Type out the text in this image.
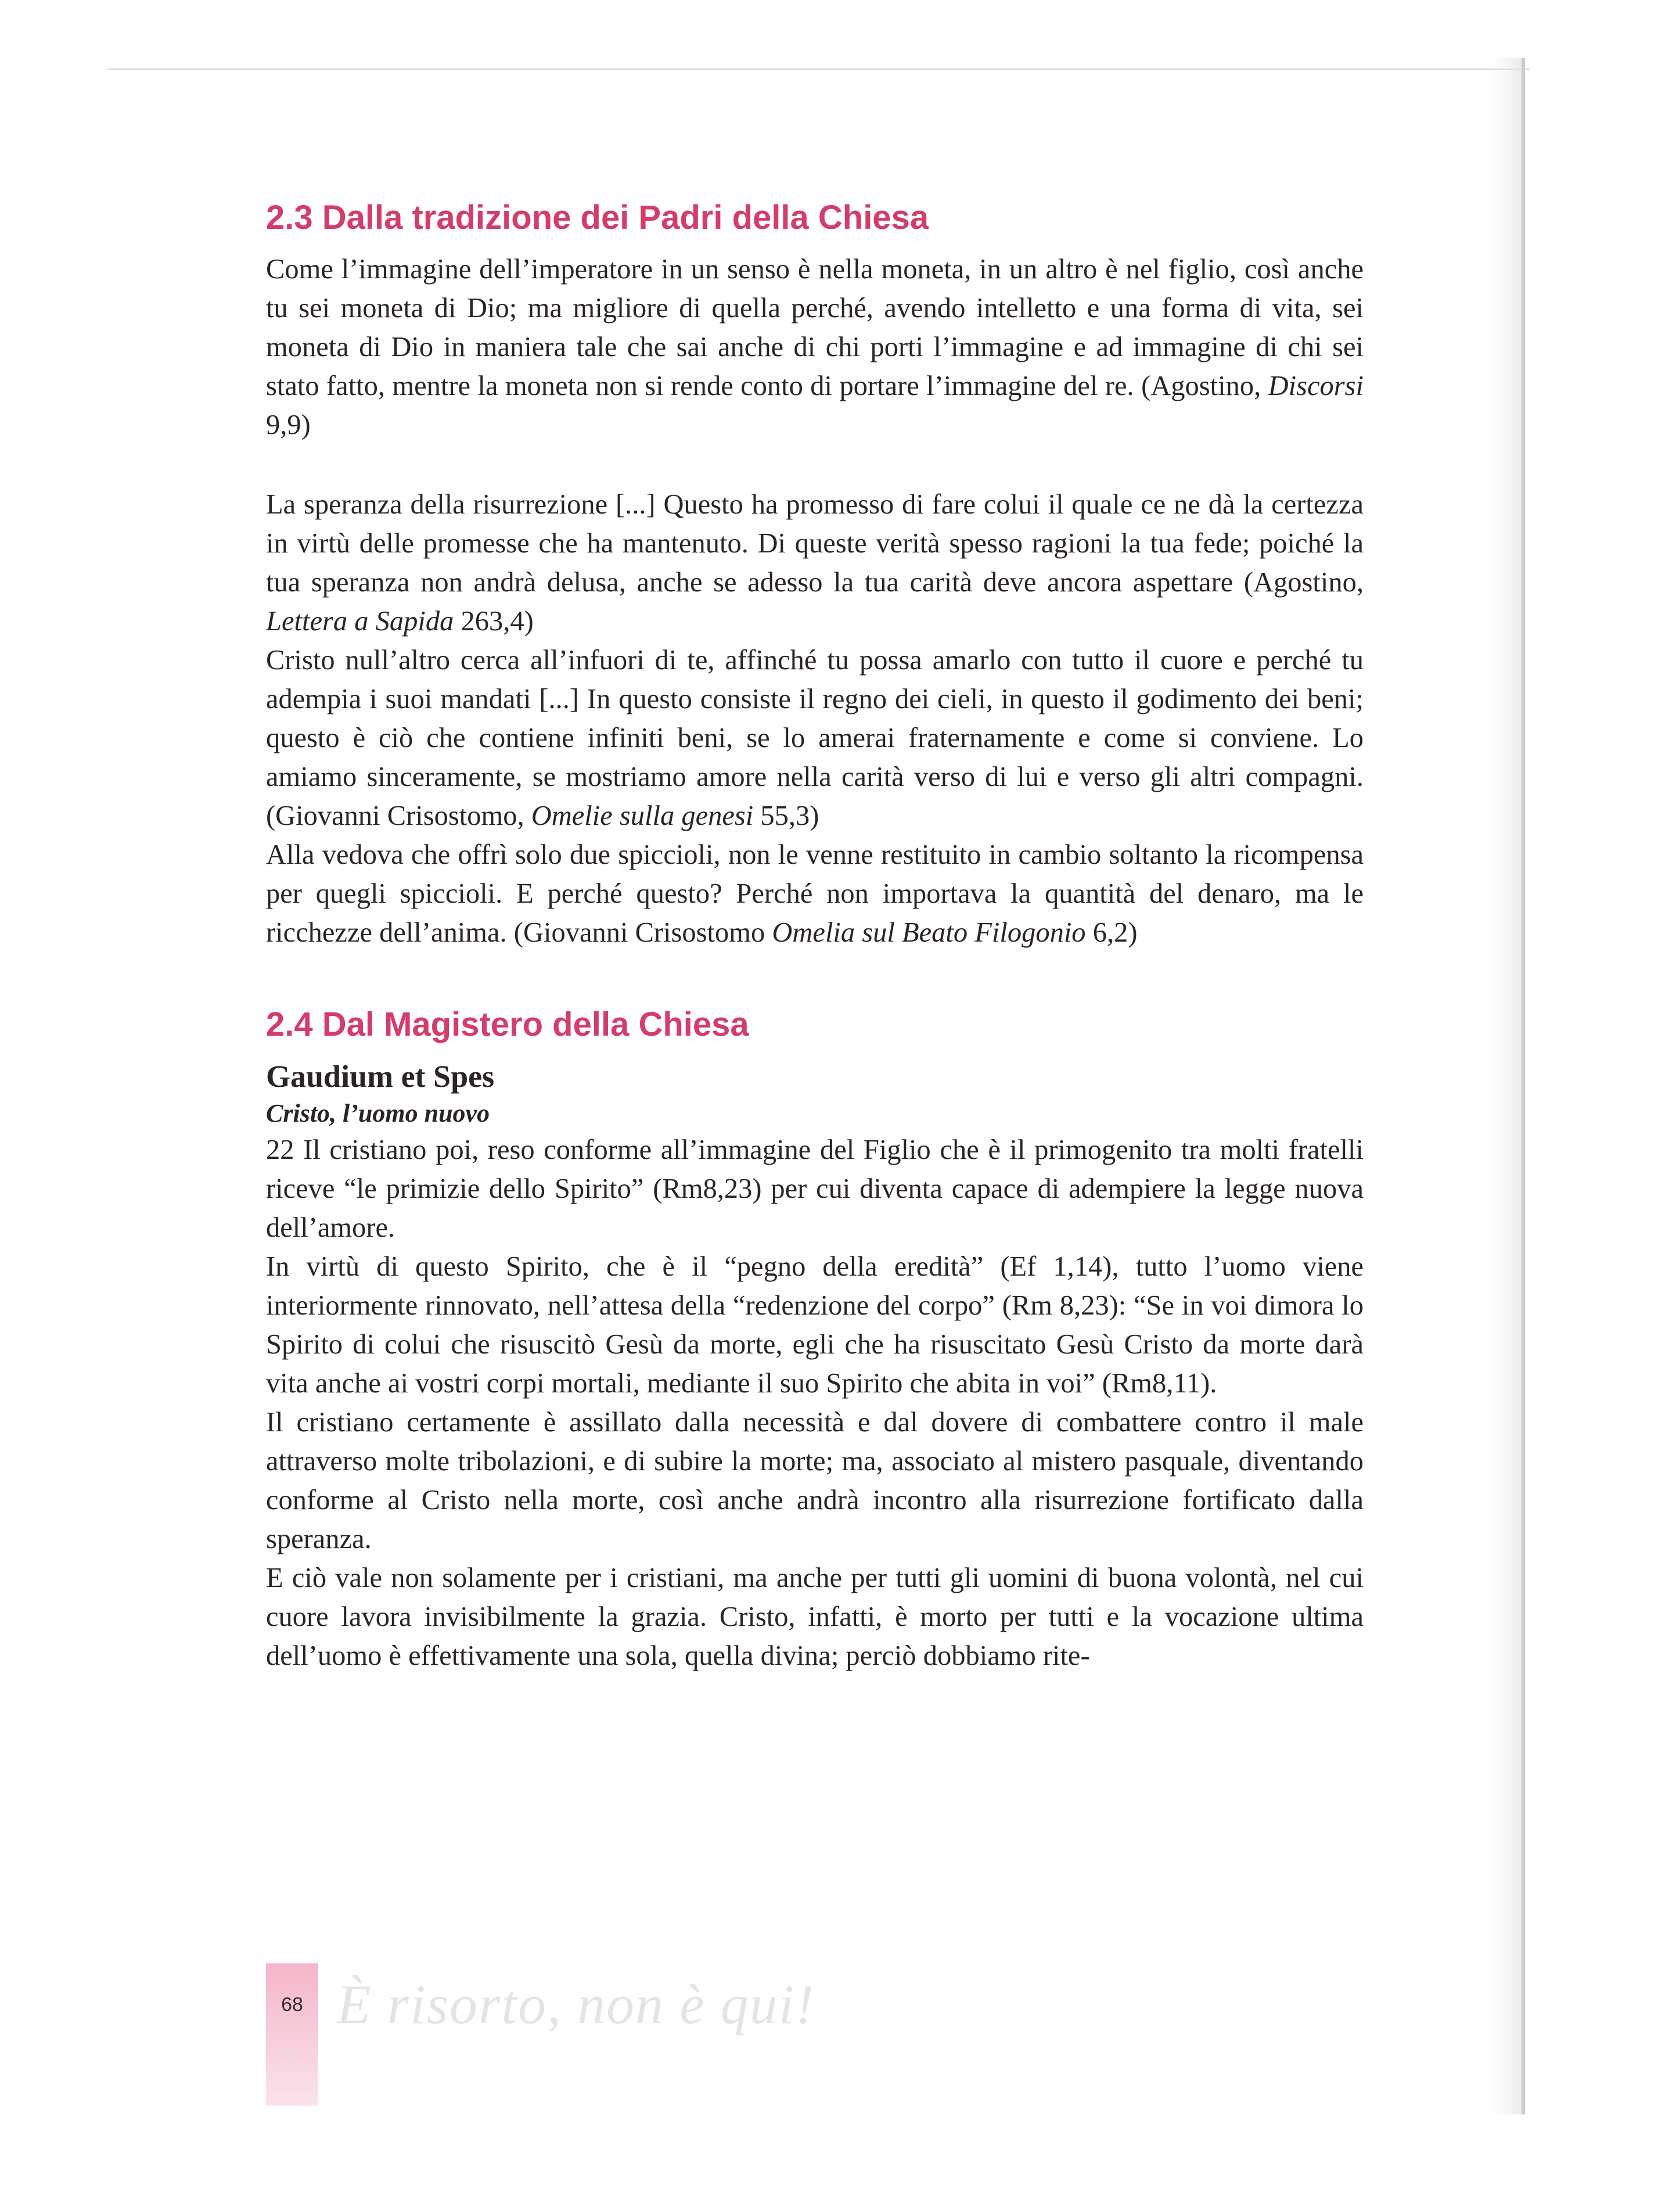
2.3 Dalla tradizione dei Padri della Chiesa

Come l’immagine dell’imperatore in un senso è nella moneta, in un altro è nel figlio, così anche tu sei moneta di Dio; ma migliore di quella perché, avendo intelletto e una forma di vita, sei moneta di Dio in maniera tale che sai anche di chi porti l’immagine e ad immagine di chi sei stato fatto, mentre la moneta non si rende conto di portare l’immagine del re. (Agostino, Discorsi 9,9)

La speranza della risurrezione [...] Questo ha promesso di fare colui il quale ce ne dà la certezza in virtù delle promesse che ha mantenuto. Di queste verità spesso ragioni la tua fede; poiché la tua speranza non andrà delusa, anche se adesso la tua carità deve ancora aspettare (Agostino, Lettera a Sapida 263,4)

Cristo null’altro cerca all’infuori di te, affinché tu possa amarlo con tutto il cuore e perché tu adempia i suoi mandati [...] In questo consiste il regno dei cieli, in questo il godimento dei beni; questo è ciò che contiene infiniti beni, se lo amerai fraternamente e come si conviene. Lo amiamo sinceramente, se mostriamo amore nella carità verso di lui e verso gli altri compagni. (Giovanni Crisostomo, Omelie sulla genesi 55,3)

Alla vedova che offrì solo due spiccioli, non le venne restituito in cambio soltanto la ricompensa per quegli spiccioli. E perché questo? Perché non importava la quantità del denaro, ma le ricchezze dell’anima. (Giovanni Crisostomo Omelia sul Beato Filogonio 6,2)

2.4 Dal Magistero della Chiesa
Gaudium et Spes
Cristo, l’uomo nuovo

22 Il cristiano poi, reso conforme all’immagine del Figlio che è il primogenito tra molti fratelli riceve “le primizie dello Spirito” (Rm8,23) per cui diventa capace di adempiere la legge nuova dell’amore.

In virtù di questo Spirito, che è il “pegno della eredità” (Ef 1,14), tutto l’uomo viene interiormente rinnovato, nell’attesa della “redenzione del corpo” (Rm 8,23): “Se in voi dimora lo Spirito di colui che risuscitò Gesù da morte, egli che ha risuscitato Gesù Cristo da morte darà vita anche ai vostri corpi mortali, mediante il suo Spirito che abita in voi” (Rm8,11).

Il cristiano certamente è assillato dalla necessità e dal dovere di combattere contro il male attraverso molte tribolazioni, e di subire la morte; ma, associato al mistero pasquale, diventando conforme al Cristo nella morte, così anche andrà incontro alla risurrezione fortificato dalla speranza.

E ciò vale non solamente per i cristiani, ma anche per tutti gli uomini di buona volontà, nel cui cuore lavora invisibilmente la grazia. Cristo, infatti, è morto per tutti e la vocazione ultima dell’uomo è effettivamente una sola, quella divina; perciò dobbiamo rite-

68 È risorto, non è qui!
